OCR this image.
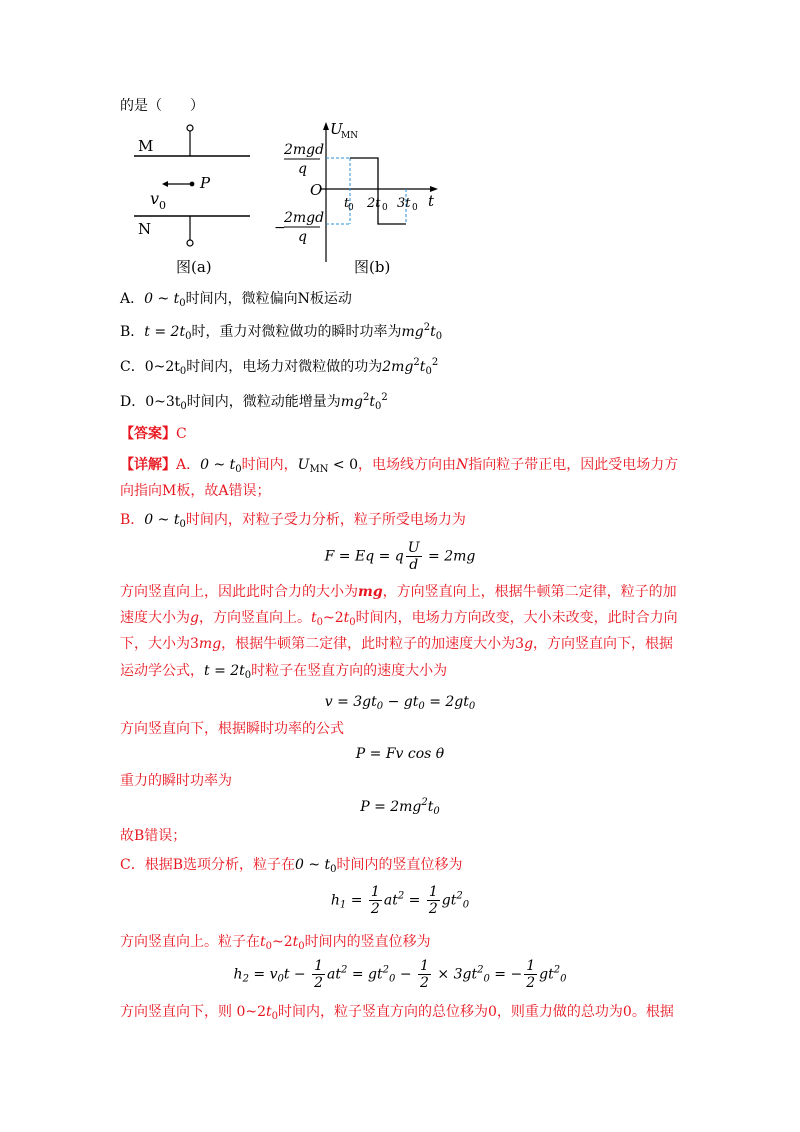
的是（　　）
M
P
v 0
N
图(a)
U
MN
t
O
2mgd
q
−
2mgd
q
t
0 2t 0 3t 0
图(b)
A．0 ~ $t_0$时间内，微粒偏向N板运动
B．$t = 2t_0$时，重力对微粒做功的瞬时功率为$mg^2t_0$
C．$0\sim 2t_0$时间内，电场力对微粒做的功为$2mg^2t_0^2$
D．$0\sim 3t_0$时间内，微粒动能增量为$mg^2t_0^2$
【答案】C
【详解】A．0 ~ $t_0$时间内，$U_{MN} < 0$，电场线方向由N指向粒子带正电，因此受电场力方
向指向M板，故A错误；
B．0 ~ $t_0$时间内，对粒子受力分析，粒子所受电场力为
F = Eq = q $\frac{U}{d} = 2mg$
方向竖直向上，因此此时合力的大小为mg，方向竖直向上，根据牛顿第二定律，粒子的加
速度大小为g，方向竖直向上。$t_0\sim 2t_0$时间内，电场力方向改变，大小未改变，此时合力向
下，大小为3mg，根据牛顿第二定律，此时粒子的加速度大小为3g，方向竖直向下，根据
运动学公式，$t = 2t_0$时粒子在竖直方向的速度大小为
$v = 3gt_0 - gt_0 = 2gt_0$
方向竖直向下，根据瞬时功率的公式
P = Fv cos θ
重力的瞬时功率为
$P = 2mg^2t_0$
故B错误；
C．根据B选项分析，粒子在0 ~ $t_0$时间内的竖直位移为
$h_1 = \frac{1}{2} at^2 = \frac{1}{2} gt^2_0$
方向竖直向上。粒子在$t_0\sim 2t_0$时间内的竖直位移为
$h_2 = v_0t - \frac{1}{2} at^2 = gt^2_0 - \frac{1}{2} \times 3gt^2_0$ = − $\frac{1}{2} gt^2_0$
方向竖直向下，则 $0\sim 2t_0$时间内，粒子竖直方向的总位移为0，则重力做的总功为0。根据
